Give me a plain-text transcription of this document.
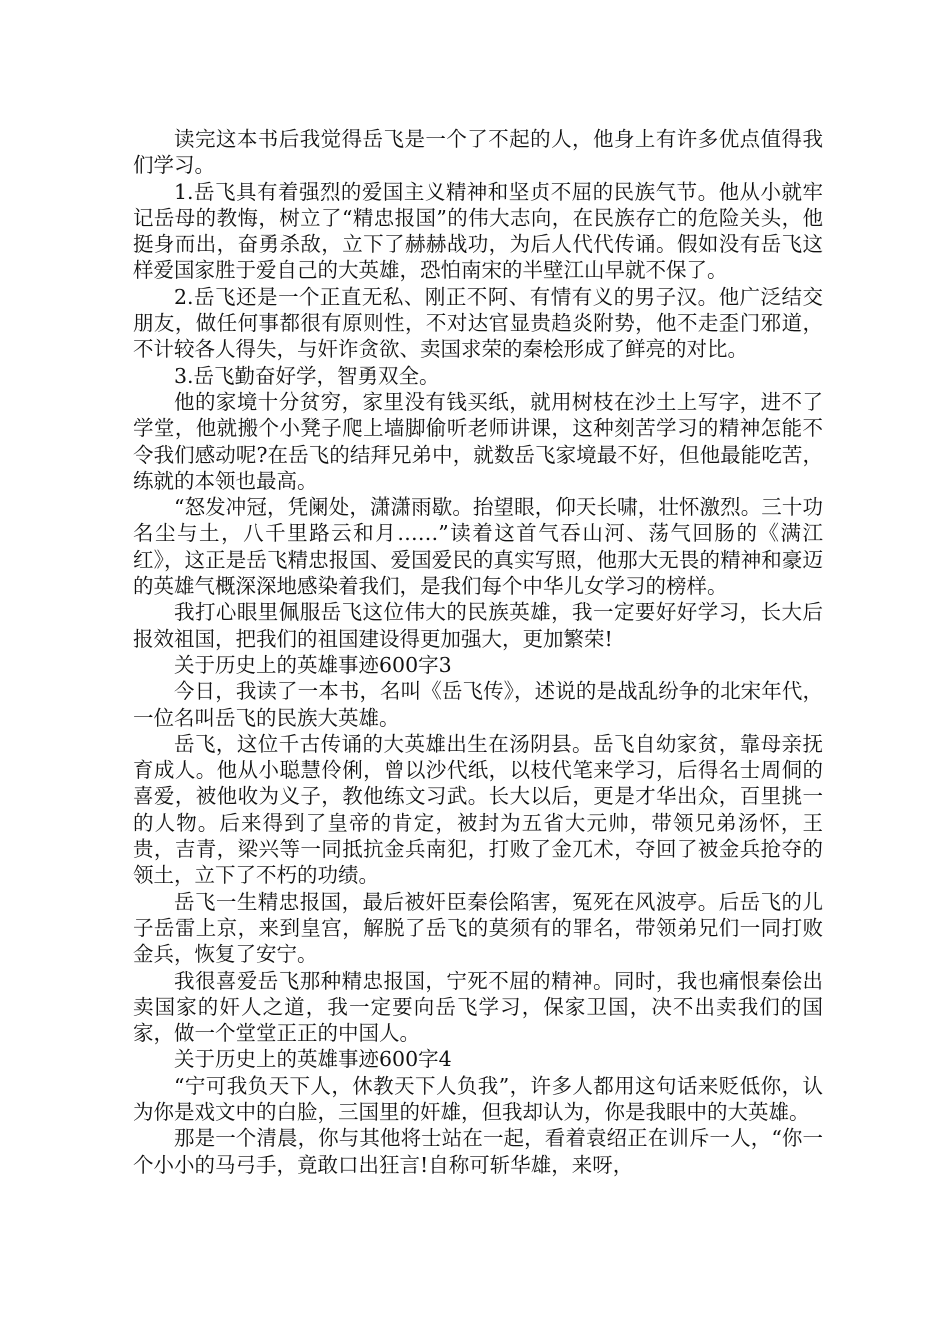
读完这本书后我觉得岳飞是一个了不起的人，他身上有许多优点值得我们学习。

1.岳飞具有着强烈的爱国主义精神和坚贞不屈的民族气节。他从小就牢记岳母的教悔，树立了“精忠报国”的伟大志向，在民族存亡的危险关头，他挺身而出，奋勇杀敌，立下了赫赫战功，为后人代代传诵。假如没有岳飞这样爱国家胜于爱自己的大英雄，恐怕南宋的半壁江山早就不保了。

2.岳飞还是一个正直无私、刚正不阿、有情有义的男子汉。他广泛结交朋友，做任何事都很有原则性，不对达官显贵趋炎附势，他不走歪门邪道，不计较各人得失，与奸诈贪欲、卖国求荣的秦桧形成了鲜亮的对比。

3.岳飞勤奋好学，智勇双全。

他的家境十分贫穷，家里没有钱买纸，就用树枝在沙土上写字，进不了学堂，他就搬个小凳子爬上墙脚偷听老师讲课，这种刻苦学习的精神怎能不令我们感动呢?在岳飞的结拜兄弟中，就数岳飞家境最不好，但他最能吃苦，练就的本领也最高。

“怒发冲冠，凭阑处，潇潇雨歇。抬望眼，仰天长啸，壮怀激烈。三十功名尘与土，八千里路云和月……”读着这首气吞山河、荡气回肠的《满江红》，这正是岳飞精忠报国、爱国爱民的真实写照，他那大无畏的精神和豪迈的英雄气概深深地感染着我们，是我们每个中华儿女学习的榜样。

我打心眼里佩服岳飞这位伟大的民族英雄，我一定要好好学习，长大后报效祖国，把我们的祖国建设得更加强大，更加繁荣!

关于历史上的英雄事迹600字3

今日，我读了一本书，名叫《岳飞传》，述说的是战乱纷争的北宋年代，一位名叫岳飞的民族大英雄。

岳飞，这位千古传诵的大英雄出生在汤阴县。岳飞自幼家贫，靠母亲抚育成人。他从小聪慧伶俐，曾以沙代纸，以枝代笔来学习，后得名士周侗的喜爱，被他收为义子，教他练文习武。长大以后，更是才华出众，百里挑一的人物。后来得到了皇帝的肯定，被封为五省大元帅，带领兄弟汤怀，王贵，吉青，梁兴等一同抵抗金兵南犯，打败了金兀术，夺回了被金兵抢夺的领土，立下了不朽的功绩。

岳飞一生精忠报国，最后被奸臣秦侩陷害，冤死在风波亭。后岳飞的儿子岳雷上京，来到皇宫，解脱了岳飞的莫须有的罪名，带领弟兄们一同打败金兵，恢复了安宁。

我很喜爱岳飞那种精忠报国，宁死不屈的精神。同时，我也痛恨秦侩出卖国家的奸人之道，我一定要向岳飞学习，保家卫国，决不出卖我们的国家，做一个堂堂正正的中国人。

关于历史上的英雄事迹600字4

“宁可我负天下人，休教天下人负我”，许多人都用这句话来贬低你，认为你是戏文中的白脸，三国里的奸雄，但我却认为，你是我眼中的大英雄。

那是一个清晨，你与其他将士站在一起，看着袁绍正在训斥一人，“你一个小小的马弓手，竟敢口出狂言!自称可斩华雄，来呀，
